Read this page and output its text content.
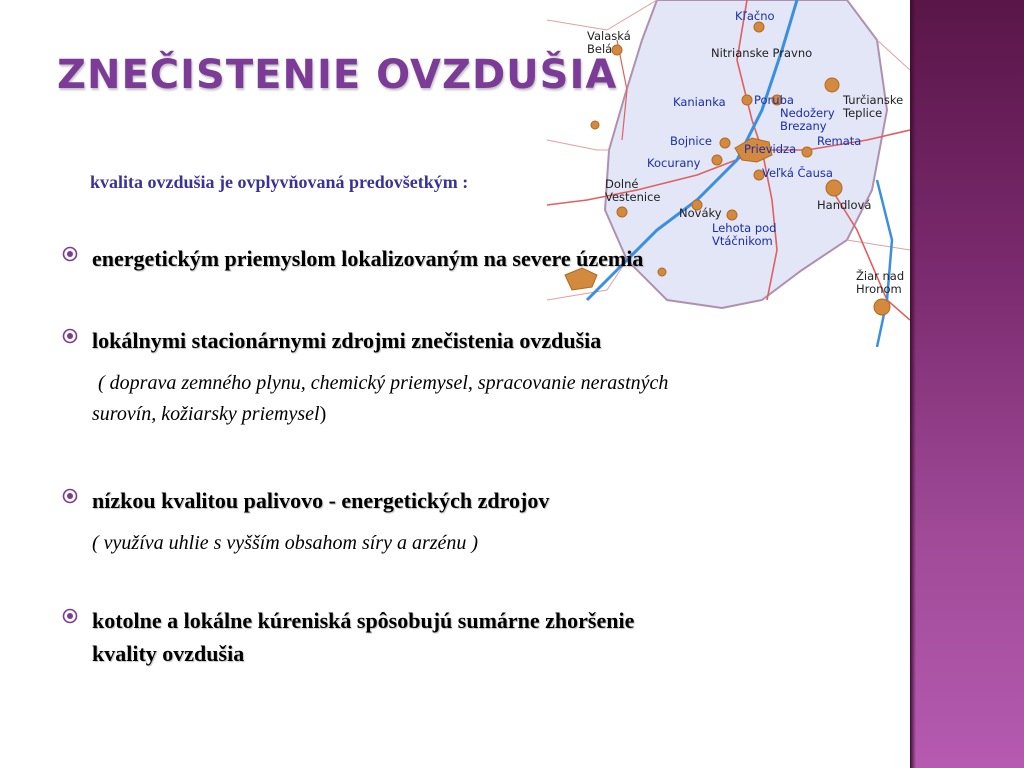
Valaská
Belá
Kľačno
Nitrianske Pravno
Kanianka Poruba	Turčianske
Teplice
Nedožery
Brezany
Bojnice	Remata
Prievidza
Kocurany
Veľká Čausa
Dolné
Vestenice
Handlová
Nováky
Lehota pod
Vtáčnikom
Žiar nad
Hronom
ZNEČISTENIE OVZDUŠIA
kvalita ovzdušia je ovplyvňovaná predovšetkým :
energetickým priemyslom lokalizovaným na severe územia
lokálnymi stacionárnymi zdrojmi znečistenia ovzdušia
( doprava zemného plynu, chemický priemysel, spracovanie nerastných
surovín, kožiarsky priemysel)
nízkou kvalitou palivovo - energetických zdrojov
( využíva uhlie s vyšším obsahom síry a arzénu )
kotolne a lokálne kúreniská spôsobujú sumárne zhoršenie
kvality ovzdušia
